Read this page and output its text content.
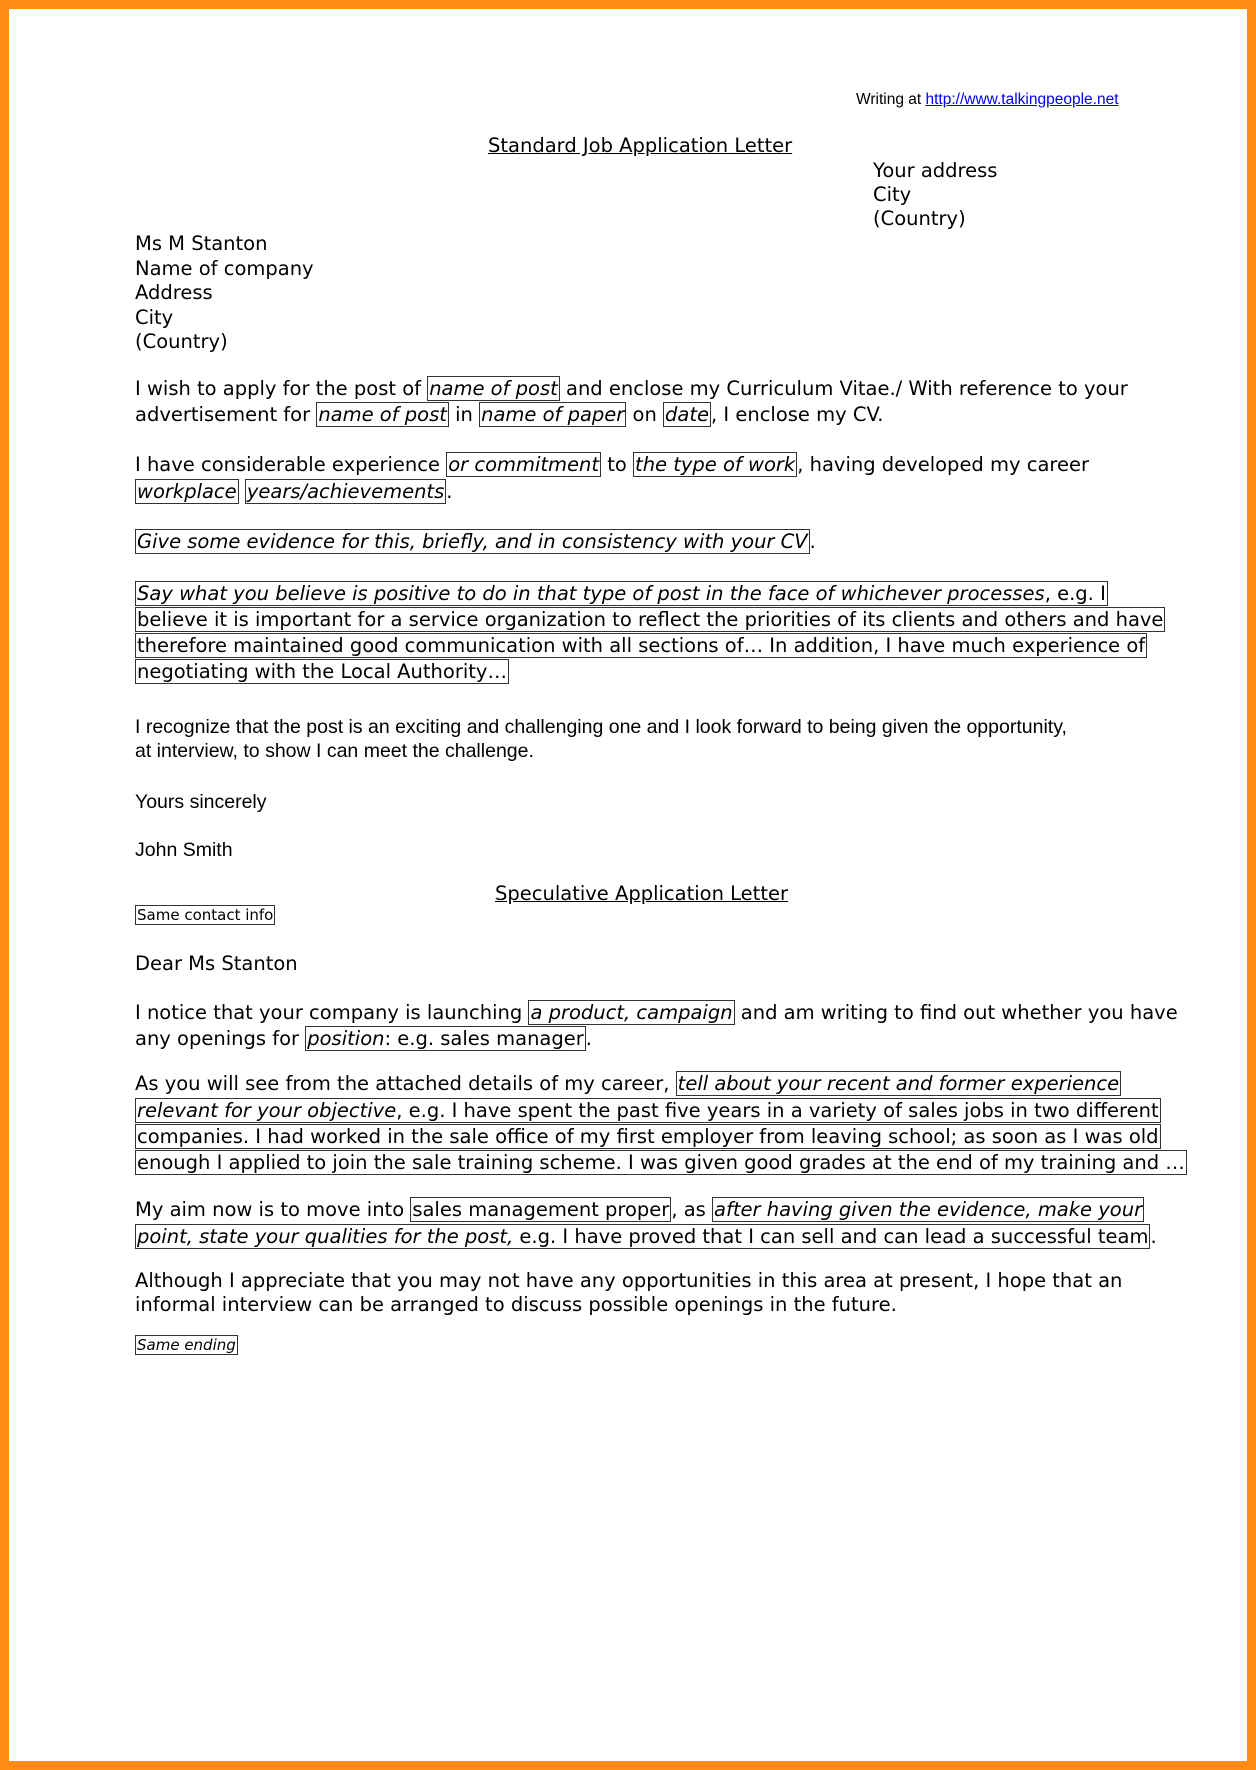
Writing at http://www.talkingpeople.net
Standard Job Application Letter
Your address
City
(Country)
Ms M Stanton
Name of company
Address
City
(Country)
I wish to apply for the post of name of post and enclose my Curriculum Vitae./ With reference to your
advertisement for name of post in name of paper on date , I enclose my CV.
I have considerable experience or commitment to the type of work , having developed my career
workplace years/achievements .
Give some evidence for this, briefly, and in consistency with your CV .
Say what you believe is positive to do in that type of post in the face of whichever processes, e.g. I
believe it is important for a service organization to reflect the priorities of its clients and others and have
therefore maintained good communication with all sections of… In addition, I have much experience of
negotiating with the Local Authority…
I recognize that the post is an exciting and challenging one and I look forward to being given the opportunity,
at interview, to show I can meet the challenge.
Yours sincerely
John Smith
Speculative Application Letter
Same contact info
Dear Ms Stanton
I notice that your company is launching a product, campaign and am writing to find out whether you have
any openings for position: e.g. sales manager .
As you will see from the attached details of my career, tell about your recent and former experience
relevant for your objective, e.g. I have spent the past five years in a variety of sales jobs in two different
companies. I had worked in the sale office of my first employer from leaving school; as soon as I was old
enough I applied to join the sale training scheme. I was given good grades at the end of my training and …
My aim now is to move into sales management proper , as after having given the evidence, make your
point, state your qualities for the post, e.g. I have proved that I can sell and can lead a successful team .
Although I appreciate that you may not have any opportunities in this area at present, I hope that an
informal interview can be arranged to discuss possible openings in the future.
Same ending
